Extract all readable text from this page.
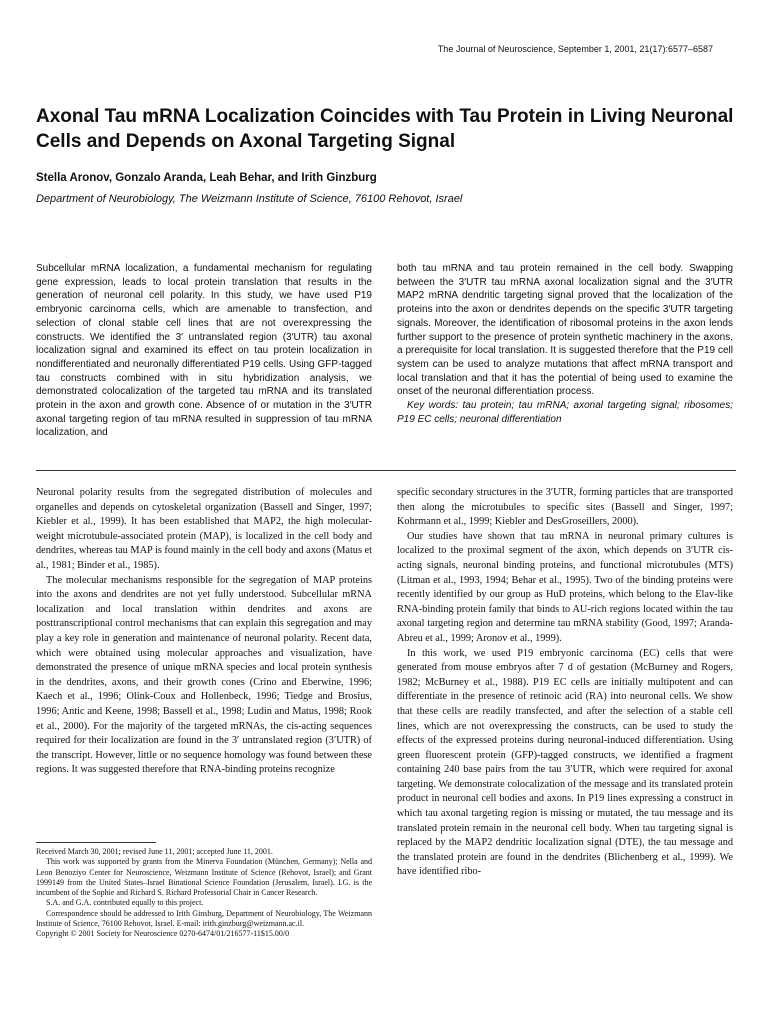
The Journal of Neuroscience, September 1, 2001, 21(17):6577–6587
Axonal Tau mRNA Localization Coincides with Tau Protein in Living Neuronal Cells and Depends on Axonal Targeting Signal
Stella Aronov, Gonzalo Aranda, Leah Behar, and Irith Ginzburg
Department of Neurobiology, The Weizmann Institute of Science, 76100 Rehovot, Israel

Subcellular mRNA localization, a fundamental mechanism for regulating gene expression, leads to local protein translation that results in the generation of neuronal cell polarity. In this study, we have used P19 embryonic carcinoma cells, which are amenable to transfection, and selection of clonal stable cell lines that are not overexpressing the constructs. We identified the 3′ untranslated region (3′UTR) tau axonal localization signal and examined its effect on tau protein localization in nondifferentiated and neuronally differentiated P19 cells. Using GFP-tagged tau constructs combined with in situ hybridization analysis, we demonstrated colocalization of the targeted tau mRNA and its translated protein in the axon and growth cone. Absence of or mutation in the 3′UTR axonal targeting region of tau mRNA resulted in suppression of tau mRNA localization, and

both tau mRNA and tau protein remained in the cell body. Swapping between the 3′UTR tau mRNA axonal localization signal and the 3′UTR MAP2 mRNA dendritic targeting signal proved that the localization of the proteins into the axon or dendrites depends on the specific 3′UTR targeting signals. Moreover, the identification of ribosomal proteins in the axon lends further support to the presence of protein synthetic machinery in the axons, a prerequisite for local translation. It is suggested therefore that the P19 cell system can be used to analyze mutations that affect mRNA transport and local translation and that it has the potential of being used to examine the onset of the neuronal differentiation process.

Key words: tau protein; tau mRNA; axonal targeting signal; ribosomes; P19 EC cells; neuronal differentiation

Neuronal polarity results from the segregated distribution of molecules and organelles and depends on cytoskeletal organization (Bassell and Singer, 1997; Kiebler et al., 1999). It has been established that MAP2, the high molecular-weight microtubule-associated protein (MAP), is localized in the cell body and dendrites, whereas tau MAP is found mainly in the cell body and axons (Matus et al., 1981; Binder et al., 1985).

The molecular mechanisms responsible for the segregation of MAP proteins into the axons and dendrites are not yet fully understood. Subcellular mRNA localization and local translation within dendrites and axons are posttranscriptional control mechanisms that can explain this segregation and may play a key role in generation and maintenance of neuronal polarity. Recent data, which were obtained using molecular approaches and visualization, have demonstrated the presence of unique mRNA species and local protein synthesis in the dendrites, axons, and their growth cones (Crino and Eberwine, 1996; Kaech et al., 1996; Olink-Coux and Hollenbeck, 1996; Tiedge and Brosius, 1996; Antic and Keene, 1998; Bassell et al., 1998; Ludin and Matus, 1998; Rook et al., 2000). For the majority of the targeted mRNAs, the cis-acting sequences required for their localization are found in the 3′ untranslated region (3′UTR) of the transcript. However, little or no sequence homology was found between these regions. It was suggested therefore that RNA-binding proteins recognize

specific secondary structures in the 3′UTR, forming particles that are transported then along the microtubules to specific sites (Bassell and Singer, 1997; Kohrmann et al., 1999; Kiebler and DesGroseillers, 2000).

Our studies have shown that tau mRNA in neuronal primary cultures is localized to the proximal segment of the axon, which depends on 3′UTR cis-acting signals, neuronal binding proteins, and functional microtubules (MTS) (Litman et al., 1993, 1994; Behar et al., 1995). Two of the binding proteins were recently identified by our group as HuD proteins, which belong to the Elav-like RNA-binding protein family that binds to AU-rich regions located within the tau axonal targeting region and determine tau mRNA stability (Good, 1997; Aranda-Abreu et al., 1999; Aronov et al., 1999).

In this work, we used P19 embryonic carcinoma (EC) cells that were generated from mouse embryos after 7 d of gestation (McBurney and Rogers, 1982; McBurney et al., 1988). P19 EC cells are initially multipotent and can differentiate in the presence of retinoic acid (RA) into neuronal cells. We show that these cells are readily transfected, and after the selection of a stable cell lines, which are not overexpressing the constructs, can be used to study the effects of the expressed proteins during neuronal-induced differentiation. Using green fluorescent protein (GFP)-tagged constructs, we identified a fragment containing 240 base pairs from the tau 3′UTR, which were required for axonal targeting. We demonstrate colocalization of the message and its translated protein product in neuronal cell bodies and axons. In P19 lines expressing a construct in which tau axonal targeting region is missing or mutated, the tau message and its translated protein remain in the neuronal cell body. When tau targeting signal is replaced by the MAP2 dendritic localization signal (DTE), the tau message and the translated protein are found in the dendrites (Blichenberg et al., 1999). We have identified ribo-

Received March 30, 2001; revised June 11, 2001; accepted June 11, 2001.

This work was supported by grants from the Minerva Foundation (München, Germany); Nella and Leon Benoziyo Center for Neuroscience, Weizmann Institute of Science (Rehovot, Israel); and Grant 1999149 from the United States–Israel Binational Science Foundation (Jerusalem, Israel). I.G. is the incumbent of the Sophie and Richard S. Richard Professorial Chair in Cancer Research.

S.A. and G.A. contributed equally to this project.

Correspondence should be addressed to Irith Ginsburg, Department of Neurobiology, The Weizmann Institute of Science, 76100 Rehovot, Israel. E-mail: irith.ginzburg@weizmann.ac.il.

Copyright © 2001 Society for Neuroscience 0270-6474/01/216577-11$15.00/0
